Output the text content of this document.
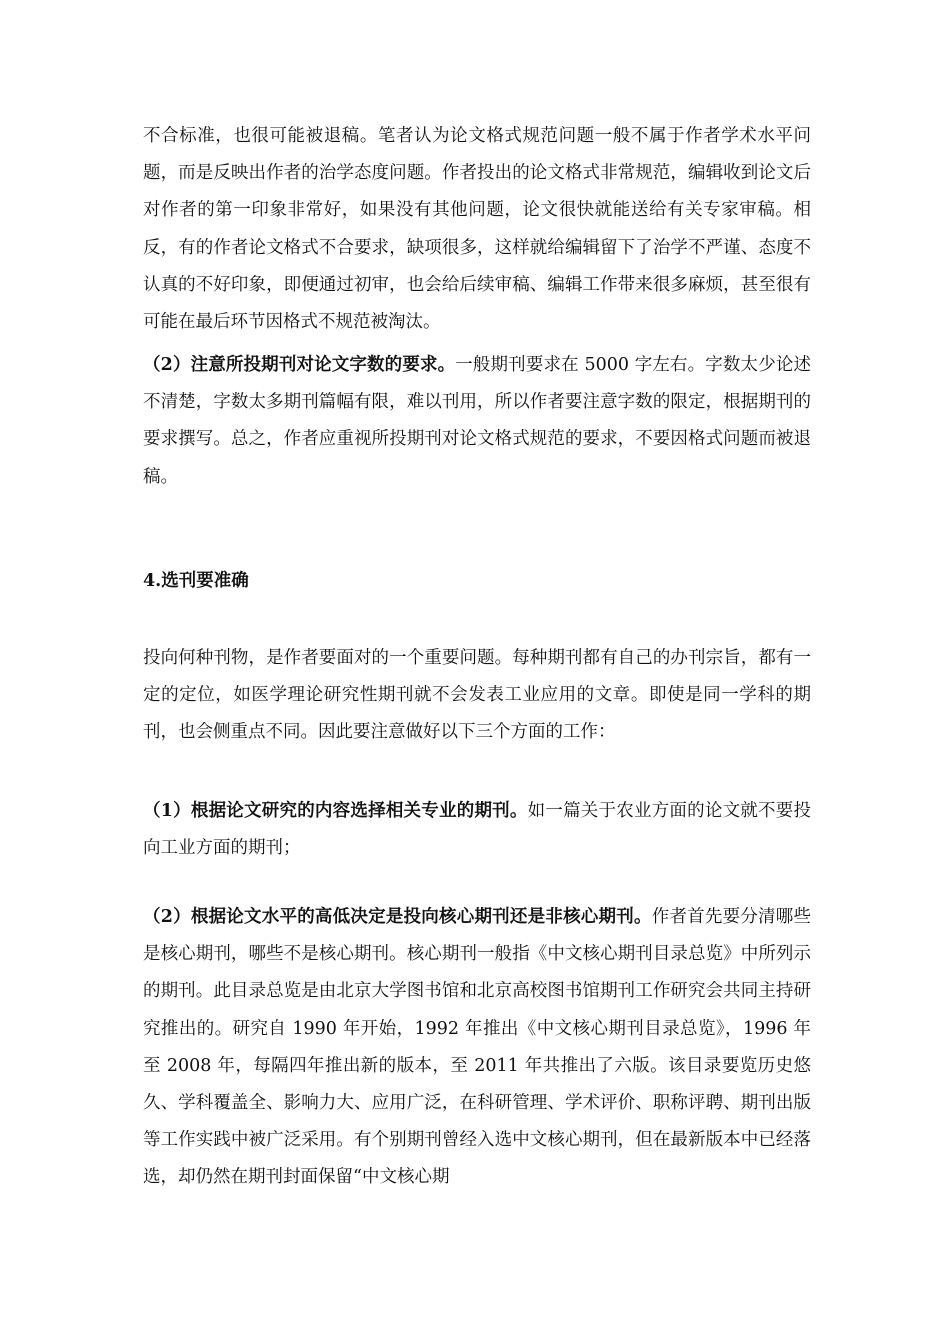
不合标准，也很可能被退稿。笔者认为论文格式规范问题一般不属于作者学术水平问题，而是反映出作者的治学态度问题。作者投出的论文格式非常规范，编辑收到论文后对作者的第一印象非常好，如果没有其他问题，论文很快就能送给有关专家审稿。相反，有的作者论文格式不合要求，缺项很多，这样就给编辑留下了治学不严谨、态度不认真的不好印象，即便通过初审，也会给后续审稿、编辑工作带来很多麻烦，甚至很有可能在最后环节因格式不规范被淘汰。

（2）注意所投期刊对论文字数的要求。一般期刊要求在 5000 字左右。字数太少论述不清楚，字数太多期刊篇幅有限，难以刊用，所以作者要注意字数的限定，根据期刊的要求撰写。总之，作者应重视所投期刊对论文格式规范的要求，不要因格式问题而被退稿。

4.选刊要准确

投向何种刊物，是作者要面对的一个重要问题。每种期刊都有自己的办刊宗旨，都有一定的定位，如医学理论研究性期刊就不会发表工业应用的文章。即使是同一学科的期刊，也会侧重点不同。因此要注意做好以下三个方面的工作：

（1）根据论文研究的内容选择相关专业的期刊。如一篇关于农业方面的论文就不要投向工业方面的期刊；

（2）根据论文水平的高低决定是投向核心期刊还是非核心期刊。作者首先要分清哪些是核心期刊，哪些不是核心期刊。核心期刊一般指《中文核心期刊目录总览》中所列示的期刊。此目录总览是由北京大学图书馆和北京高校图书馆期刊工作研究会共同主持研究推出的。研究自 1990 年开始，1992 年推出《中文核心期刊目录总览》，1996 年至 2008 年，每隔四年推出新的版本，至 2011 年共推出了六版。该目录要览历史悠久、学科覆盖全、影响力大、应用广泛，在科研管理、学术评价、职称评聘、期刊出版等工作实践中被广泛采用。有个别期刊曾经入选中文核心期刊，但在最新版本中已经落选，却仍然在期刊封面保留“中文核心期
